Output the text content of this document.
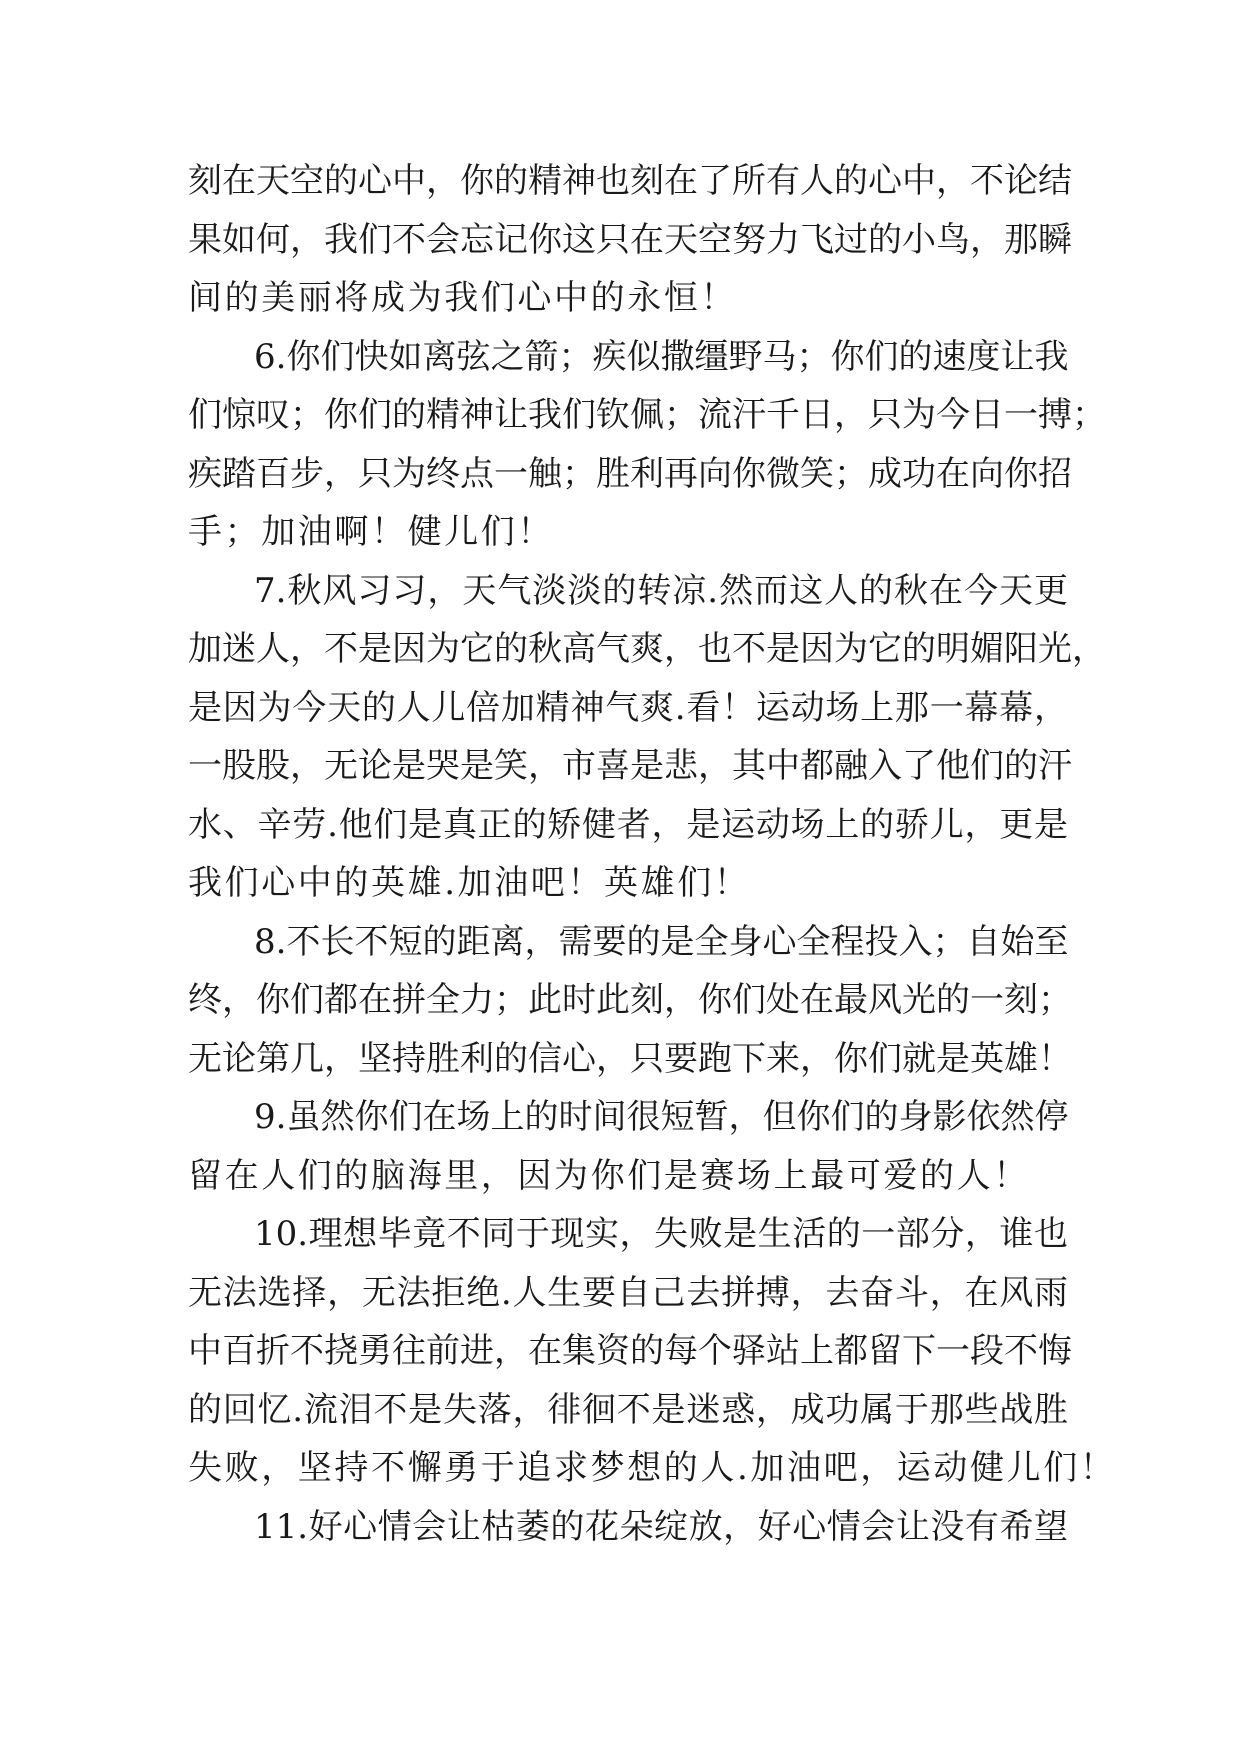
刻在天空的心中，你的精神也刻在了所有人的心中，不论结
果如何，我们不会忘记你这只在天空努力飞过的小鸟，那瞬
间的美丽将成为我们心中的永恒！
6.你们快如离弦之箭；疾似撒缰野马；你们的速度让我
们惊叹；你们的精神让我们钦佩；流汗千日，只为今日一搏；
疾踏百步，只为终点一触；胜利再向你微笑；成功在向你招
手；加油啊！健儿们！
7.秋风习习，天气淡淡的转凉.然而这人的秋在今天更
加迷人，不是因为它的秋高气爽，也不是因为它的明媚阳光，
是因为今天的人儿倍加精神气爽.看！运动场上那一幕幕，
一股股，无论是哭是笑，市喜是悲，其中都融入了他们的汗
水、辛劳.他们是真正的矫健者，是运动场上的骄儿，更是
我们心中的英雄.加油吧！英雄们！
8.不长不短的距离，需要的是全身心全程投入；自始至
终，你们都在拼全力；此时此刻，你们处在最风光的一刻；
无论第几，坚持胜利的信心，只要跑下来，你们就是英雄！
9.虽然你们在场上的时间很短暂，但你们的身影依然停
留在人们的脑海里，因为你们是赛场上最可爱的人！
10.理想毕竟不同于现实，失败是生活的一部分，谁也
无法选择，无法拒绝.人生要自己去拼搏，去奋斗，在风雨
中百折不挠勇往前进，在集资的每个驿站上都留下一段不悔
的回忆.流泪不是失落，徘徊不是迷惑，成功属于那些战胜
失败，坚持不懈勇于追求梦想的人.加油吧，运动健儿们！
11.好心情会让枯萎的花朵绽放，好心情会让没有希望
